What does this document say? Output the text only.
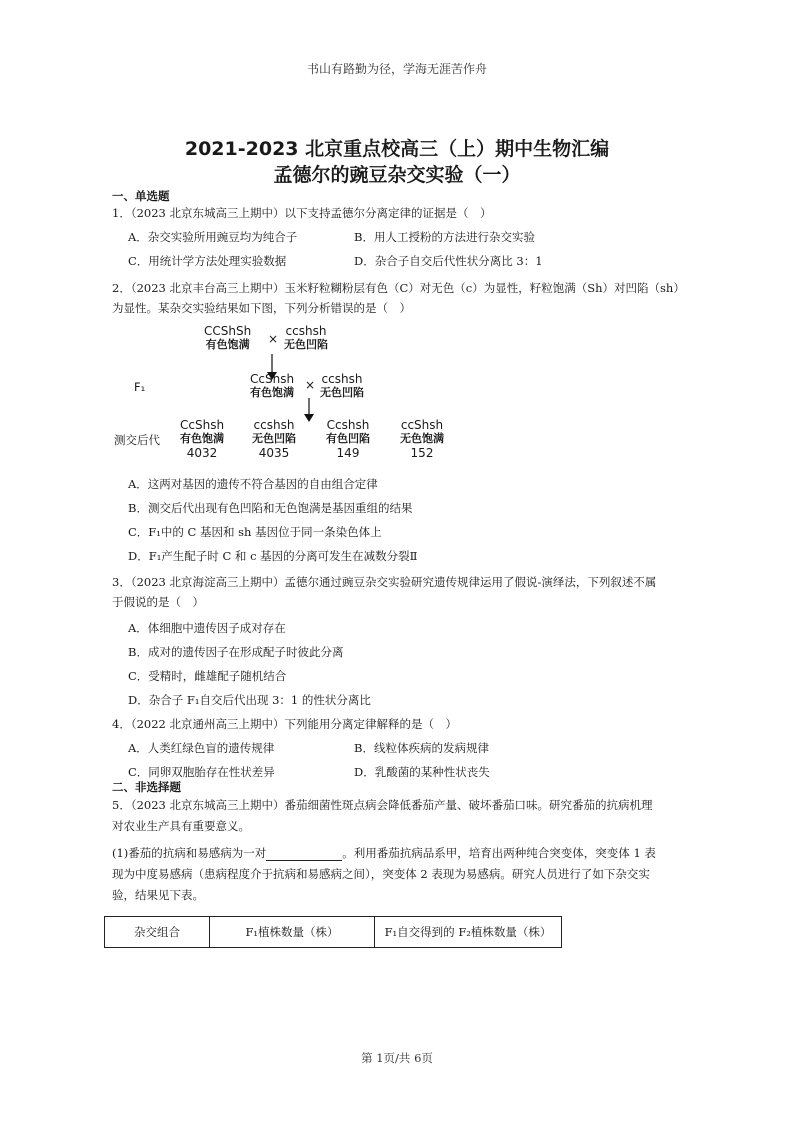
书山有路勤为径，学海无涯苦作舟
2021-2023 北京重点校高三（上）期中生物汇编
孟德尔的豌豆杂交实验（一）
一、单选题
1．（2023 北京东城高三上期中）以下支持孟德尔分离定律的证据是（　）
A．杂交实验所用豌豆均为纯合子	B．用人工授粉的方法进行杂交实验
C．用统计学方法处理实验数据	D．杂合子自交后代性状分离比 3：1
2．（2023 北京丰台高三上期中）玉米籽粒糊粉层有色（C）对无色（c）为显性，籽粒饱满（Sh）对凹陷（sh）
为显性。某杂交实验结果如下图，下列分析错误的是（　）
CCShSh
有色饱满 ×
ccshsh
无色凹陷
F₁
CcShsh
有色饱满
× ccshsh
无色凹陷
测交后代
CcShsh
有色饱满
4032
ccshsh
无色凹陷
4035
Ccshsh
有色凹陷
149
ccShsh
无色饱满
152
A．这两对基因的遗传不符合基因的自由组合定律
B．测交后代出现有色凹陷和无色饱满是基因重组的结果
C．F₁中的 C 基因和 sh 基因位于同一条染色体上
D．F₁产生配子时 C 和 c 基因的分离可发生在减数分裂Ⅱ
3．（2023 北京海淀高三上期中）孟德尔通过豌豆杂交实验研究遗传规律运用了假说-演绎法，下列叙述不属
于假说的是（　）
A．体细胞中遗传因子成对存在
B．成对的遗传因子在形成配子时彼此分离
C．受精时，雌雄配子随机结合
D．杂合子 F₁自交后代出现 3：1 的性状分离比
4．（2022 北京通州高三上期中）下列能用分离定律解释的是（　）
A．人类红绿色盲的遗传规律	B．线粒体疾病的发病规律
C．同卵双胞胎存在性状差异	D．乳酸菌的某种性状丧失
二、非选择题
5．（2023 北京东城高三上期中）番茄细菌性斑点病会降低番茄产量、破坏番茄口味。研究番茄的抗病机理
对农业生产具有重要意义。
(1)番茄的抗病和易感病为一对	。利用番茄抗病品系甲，培育出两种纯合突变体，突变体 1 表
现为中度易感病（患病程度介于抗病和易感病之间），突变体 2 表现为易感病。研究人员进行了如下杂交实
验，结果见下表。
杂交组合	F₁植株数量（株）	F₁自交得到的 F₂植株数量（株）
第 1页/共 6页
